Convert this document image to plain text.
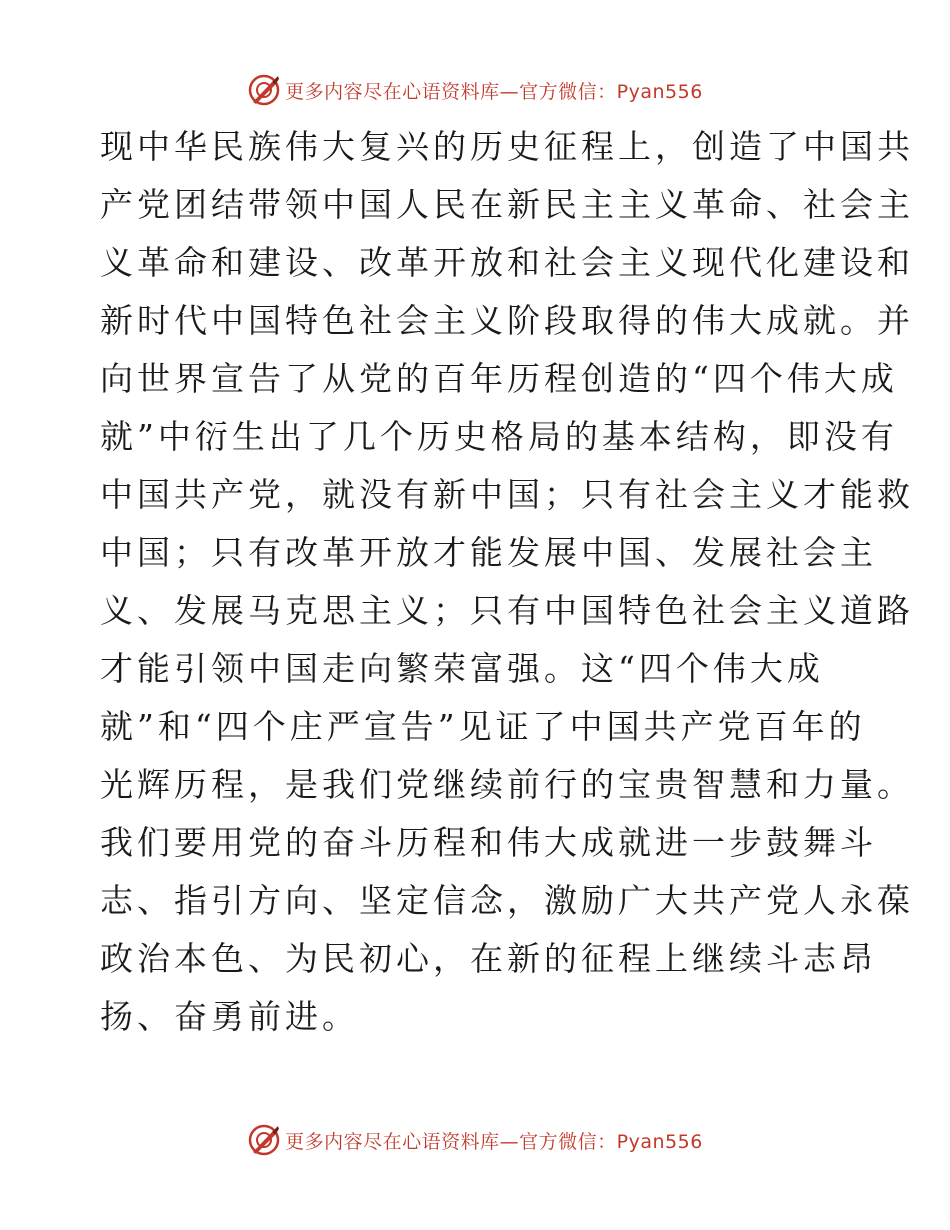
更多内容尽在心语资料库—官方微信：Pyan556
现中华民族伟大复兴的历史征程上，创造了中国共
产党团结带领中国人民在新民主主义革命、社会主
义革命和建设、改革开放和社会主义现代化建设和
新时代中国特色社会主义阶段取得的伟大成就。并
向世界宣告了从党的百年历程创造的“四个伟大成
就”中衍生出了几个历史格局的基本结构，即没有
中国共产党，就没有新中国；只有社会主义才能救
中国；只有改革开放才能发展中国、发展社会主
义、发展马克思主义；只有中国特色社会主义道路
才能引领中国走向繁荣富强。这“四个伟大成
就”和“四个庄严宣告”见证了中国共产党百年的
光辉历程，是我们党继续前行的宝贵智慧和力量。
我们要用党的奋斗历程和伟大成就进一步鼓舞斗
志、指引方向、坚定信念，激励广大共产党人永葆
政治本色、为民初心，在新的征程上继续斗志昂
扬、奋勇前进。
更多内容尽在心语资料库—官方微信：Pyan556
